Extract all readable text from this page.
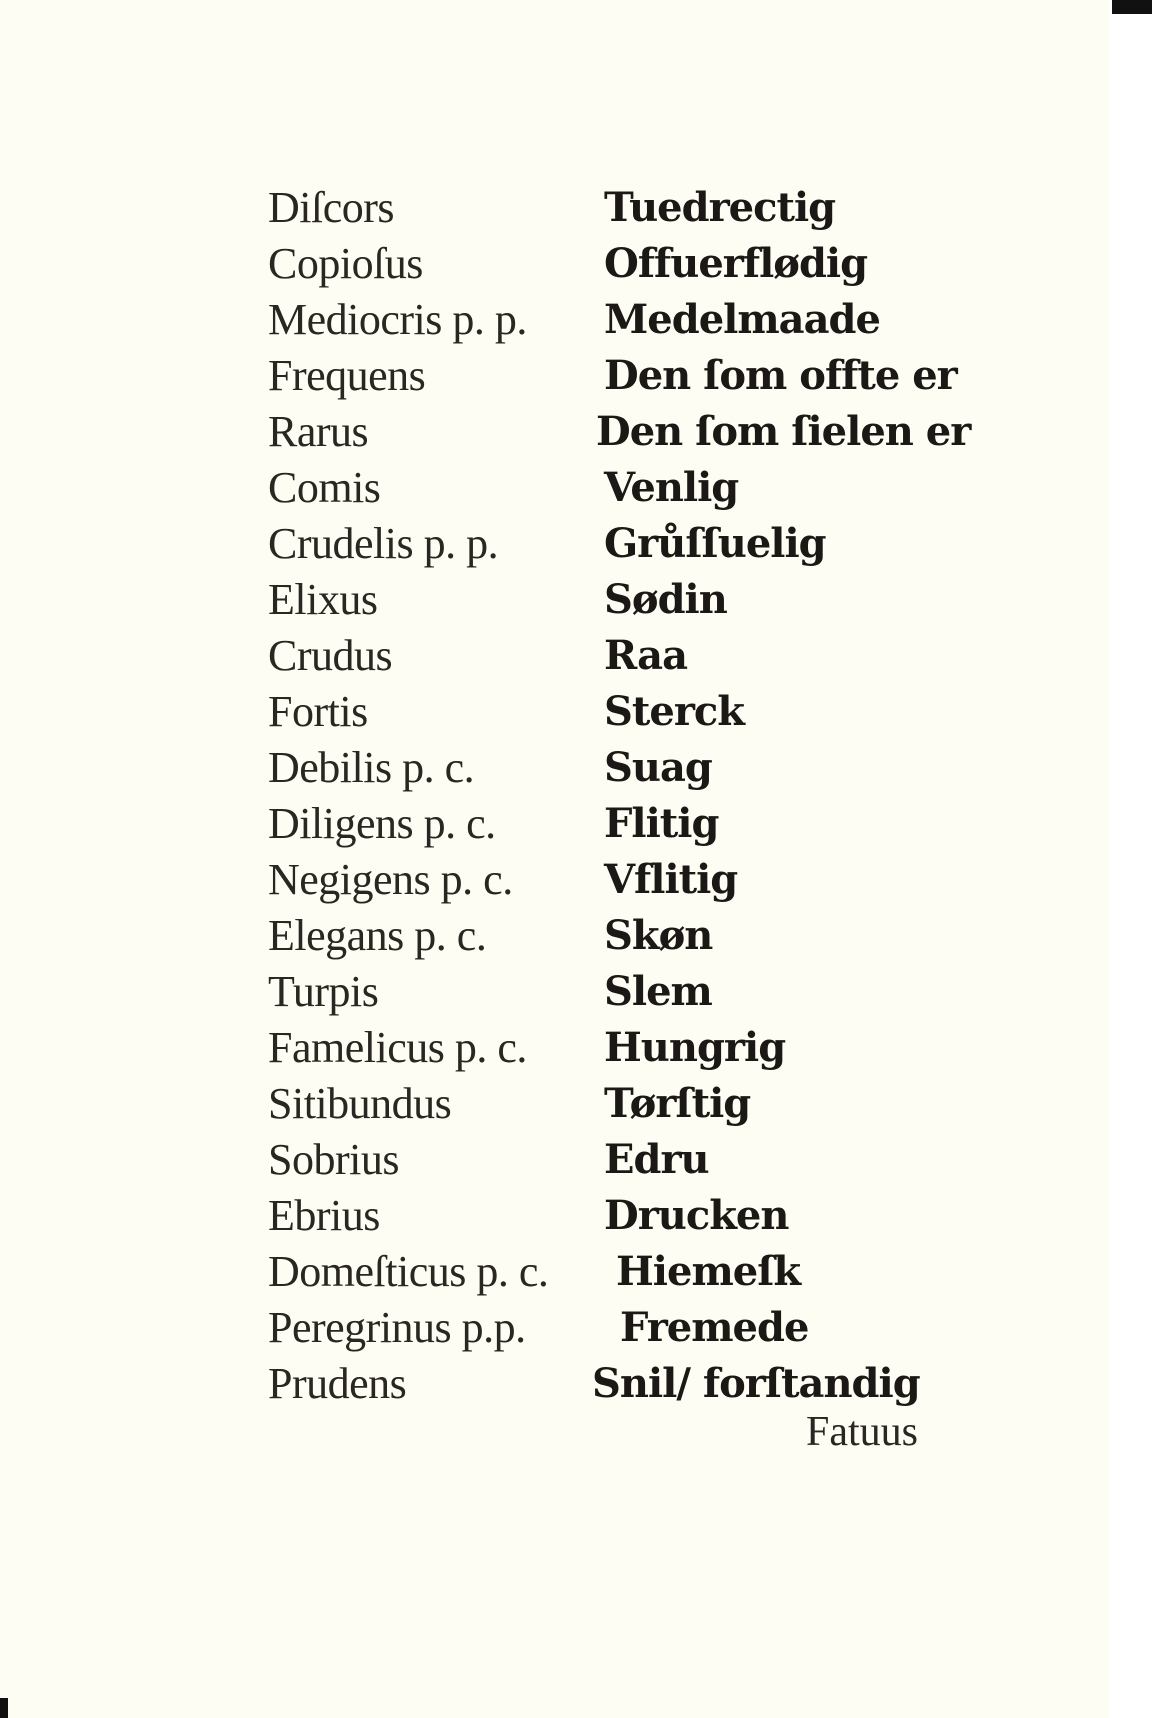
Diſcors	Tuedrectig
Copioſus	Offuerflødig
Mediocris p. p. Medelmaade
Frequens	Den ſom offte er
Rarus	Den ſom ſielen er
Comis	Venlig
Crudelis p. p.	Grůſſuelig
Elixus	Sødin
Crudus	Raa
Fortis	Sterck
Debilis p. c.	Suag
Diligens p. c.	Flitig
Negigens p. c. Vflitig
Elegans p. c.	Skøn
Turpis	Slem
Famelicus p. c. Hungrig
Sitibundus	Tørſtig
Sobrius	Edru
Ebrius	Drucken
Domeſticus p. c. Hiemeſk
Peregrinus p.p. Fremede
Prudens	Snil/ forſtandig
Fatuus
